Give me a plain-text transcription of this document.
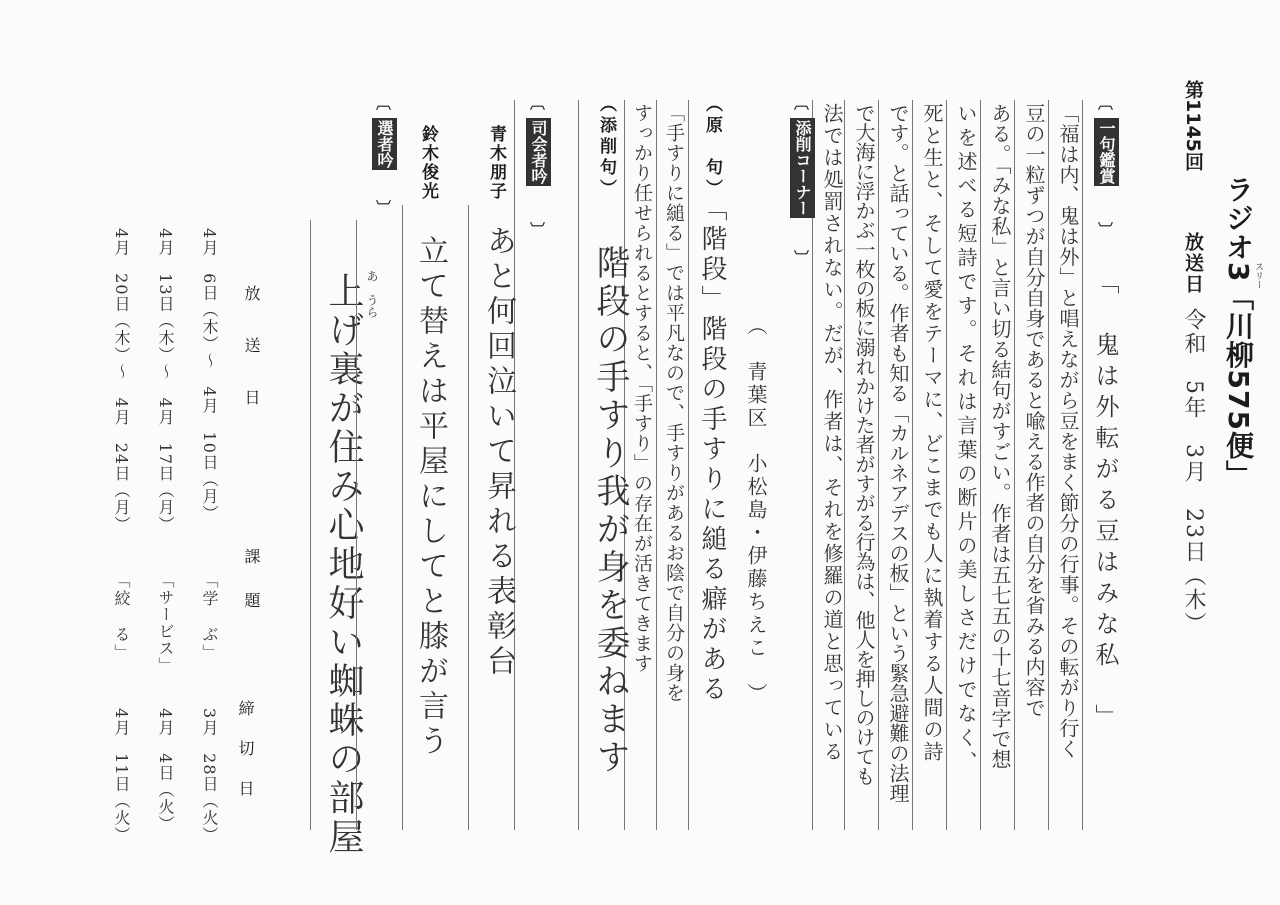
ラジオ3「川柳575便」
スリー
第1145回
放送日
令和　5年　3月　23日（木）
〔
一句鑑賞
〕
「　鬼は外転がる豆はみな私　」
「福は内、鬼は外」と唱えながら豆をまく節分の行事。その転がり行く
豆の一粒ずつが自分自身であると喩える作者の自分を省みる内容で
ある。「みな私」と言い切る結句がすごい。作者は五七五の十七音字で想
いを述べる短詩です。それは言葉の断片の美しさだけでなく、
死と生と、そして愛をテーマに、どこまでも人に執着する人間の詩
です。と話っている。作者も知る「カルネアデスの板」という緊急避難の法理
で大海に浮かぶ一枚の板に溺れかけた者がすがる行為は、他人を押しのけても
法では処罰されない。だが、作者は、それを修羅の道と思っている
〔
添削コーナー
〕
（　青葉区　小松島・伊藤ちえこ　）
（原　句）
「階段」階段の手すりに縋る癖がある
「手すりに縋る」では平凡なので、手すりがあるお陰で自分の身を
すっかり任せられるとすると、「手すり」の存在が活きてきます
（添削句）
階段の手すり我が身を委ねます
〔
司会者吟
〕
青木朋子
あと何回泣いて昇れる表彰台
鈴木俊光
立て替えは平屋にしてと膝が言う
〔
選者吟
〕
あ　うら
上げ裏が住み心地好い蜘蛛の部屋
放　送　日
課　題
締　切　日
4月　6日（木）～　4月　10日（月）
「学　ぶ」
3月　28日（火）
4月　13日（木）～　4月　17日（月）
「サービス」
4月　4日（火）
4月　20日（木）～　4月　24日（月）
「絞　る」
4月　11日（火）
